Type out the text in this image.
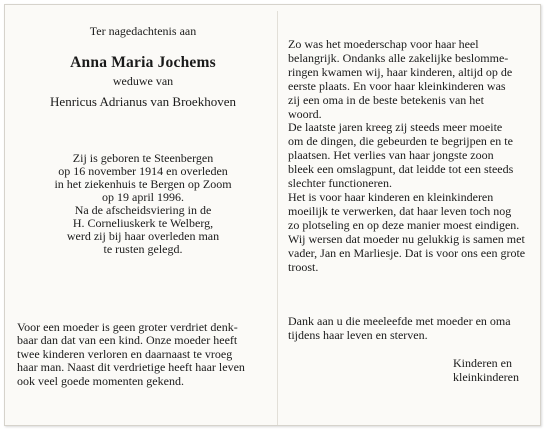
Ter nagedachtenis aan
Anna Maria Jochems
weduwe van
Henricus Adrianus van Broekhoven
Zij is geboren te Steenbergen
op 16 november 1914 en overleden
in het ziekenhuis te Bergen op Zoom
op 19 april 1996.
Na de afscheidsviering in de
H. Corneliuskerk te Welberg,
werd zij bij haar overleden man
te rusten gelegd.
Voor een moeder is geen groter verdriet denk-
baar dan dat van een kind. Onze moeder heeft
twee kinderen verloren en daarnaast te vroeg
haar man. Naast dit verdrietige heeft haar leven
ook veel goede momenten gekend.
Zo was het moederschap voor haar heel
belangrijk. Ondanks alle zakelijke beslomme-
ringen kwamen wij, haar kinderen, altijd op de
eerste plaats. En voor haar kleinkinderen was
zij een oma in de beste betekenis van het
woord.
De laatste jaren kreeg zij steeds meer moeite
om de dingen, die gebeurden te begrijpen en te
plaatsen. Het verlies van haar jongste zoon
bleek een omslagpunt, dat leidde tot een steeds
slechter functioneren.
Het is voor haar kinderen en kleinkinderen
moeilijk te verwerken, dat haar leven toch nog
zo plotseling en op deze manier moest eindigen.
Wij wersen dat moeder nu gelukkig is samen met
vader, Jan en Marliesje. Dat is voor ons een grote
troost.
Dank aan u die meeleefde met moeder en oma
tijdens haar leven en sterven.
Kinderen en
kleinkinderen
